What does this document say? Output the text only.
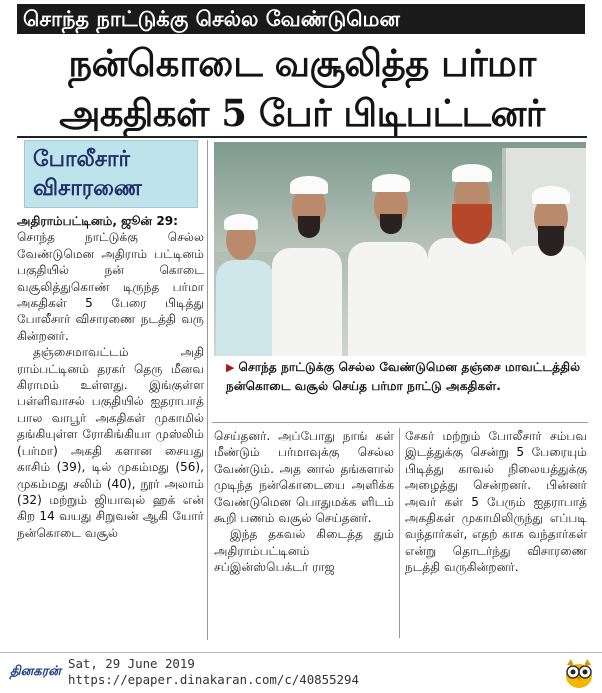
சொந்த நாட்டுக்கு செல்ல வேண்டுமென
நன்கொடை வசூலித்த பர்மா
அகதிகள் 5 பேர் பிடிபட்டனர்
போலீசார்
விசாரணை
▶ சொந்த நாட்டுக்கு செல்ல வேண்டுமென தஞ்சை மாவட்டத்தில் நன்கொடை வசூல் செய்த பர்மா நாட்டு அகதிகள்.

அதிராம்பட்டினம், ஜூன் 29:

சொந்த நாட்டுக்கு செல்ல வேண்டுமென அதிராம் பட்டினம் பகுதியில் நன் கொடை வசூலித்துகொண் டிருந்த பர்மா அகதிகள் 5 பேரை பிடித்து போலீசார் விசாரணை நடத்தி வரு கின்றனர்.

தஞ்சைமாவட்டம் அதி ராம்பட்டினம் தரகர் தெரு மீனவ கிராமம் உள்ளது. இங்குள்ள பள்ளிவாசல் பகுதியில் ஐதராபாத் பால வாபூர் அகதிகள் முகாமில் தங்கியுள்ள ரோகிங்கியா முஸ்லிம் (பர்மா) அகதி களான சையது காசிம் (39), டில் முகம்மது (56), முகம்மது சலிம் (40), நூர் அலாம் (32) மற்றும் ஜியாவுல் ஹக் என் கிற 14 வயது சிறுவன் ஆகி யோர் நன்கொடை வசூல்

செய்தனர். அப்போது நாங் கள் மீண்டும் பர்மாவுக்கு செல்ல வேண்டும். அத னால் தங்களால் முடிந்த நன்கொடையை அளிக்க வேண்டுமென பொதுமக்க ளிடம் கூறி பணம் வசூல் செய்தனர்.

இந்த தகவல் கிடைத்த தும் அதிராம்பட்டினம் சப்இன்ஸ்பெக்டர் ராஜ

சேகர் மற்றும் போலீசார் சம்பவ இடத்துக்கு சென்று 5 பேரையும் பிடித்து காவல் நிலையத்துக்கு அழைத்து சென்றனர். பின்னர் அவர் கள் 5 பேரும் ஐதராபாத் அகதிகள் முகாமிலிருந்து எப்படி வந்தார்கள், எதற் காக வந்தார்கள் என்று தொடர்ந்து விசாரணை நடத்தி வருகின்றனர்.

தினகரன்
Sat, 29 June 2019
https://epaper.dinakaran.com/c/40855294
